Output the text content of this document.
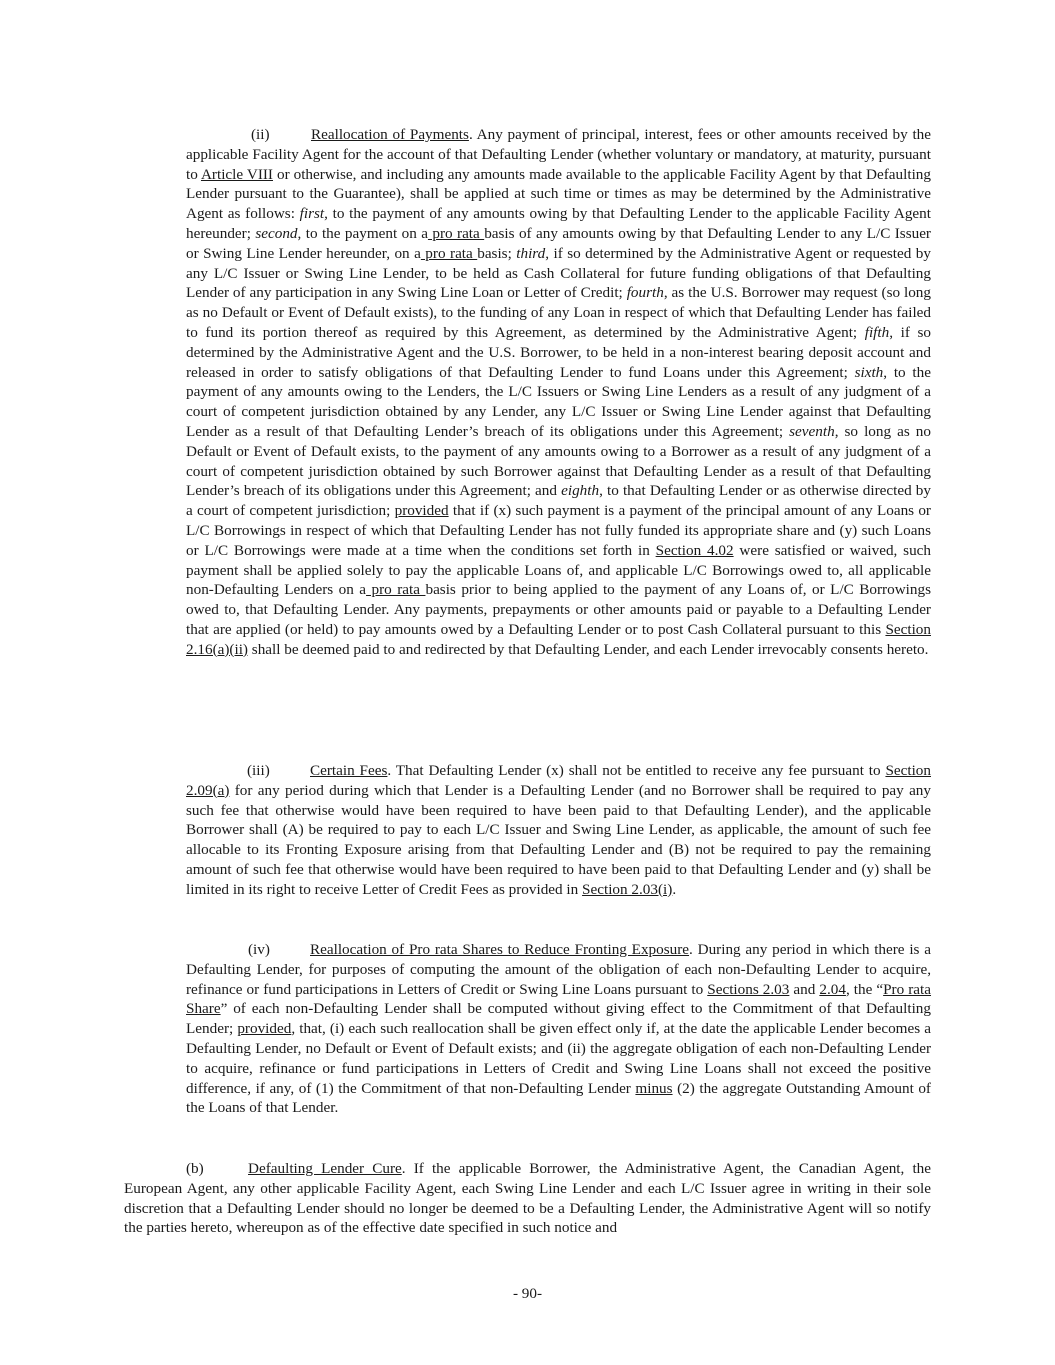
(ii)	Reallocation of Payments. Any payment of principal, interest, fees or other amounts received by the applicable Facility Agent for the account of that Defaulting Lender (whether voluntary or mandatory, at maturity, pursuant to Article VIII or otherwise, and including any amounts made available to the applicable Facility Agent by that Defaulting Lender pursuant to the Guarantee), shall be applied at such time or times as may be determined by the Administrative Agent as follows: first, to the payment of any amounts owing by that Defaulting Lender to the applicable Facility Agent hereunder; second, to the payment on a pro rata basis of any amounts owing by that Defaulting Lender to any L/C Issuer or Swing Line Lender hereunder, on a pro rata basis; third, if so determined by the Administrative Agent or requested by any L/C Issuer or Swing Line Lender, to be held as Cash Collateral for future funding obligations of that Defaulting Lender of any participation in any Swing Line Loan or Letter of Credit; fourth, as the U.S. Borrower may request (so long as no Default or Event of Default exists), to the funding of any Loan in respect of which that Defaulting Lender has failed to fund its portion thereof as required by this Agreement, as determined by the Administrative Agent; fifth, if so determined by the Administrative Agent and the U.S. Borrower, to be held in a non-interest bearing deposit account and released in order to satisfy obligations of that Defaulting Lender to fund Loans under this Agreement; sixth, to the payment of any amounts owing to the Lenders, the L/C Issuers or Swing Line Lenders as a result of any judgment of a court of competent jurisdiction obtained by any Lender, any L/C Issuer or Swing Line Lender against that Defaulting Lender as a result of that Defaulting Lender’s breach of its obligations under this Agreement; seventh, so long as no Default or Event of Default exists, to the payment of any amounts owing to a Borrower as a result of any judgment of a court of competent jurisdiction obtained by such Borrower against that Defaulting Lender as a result of that Defaulting Lender’s breach of its obligations under this Agreement; and eighth, to that Defaulting Lender or as otherwise directed by a court of competent jurisdiction; provided that if (x) such payment is a payment of the principal amount of any Loans or L/C Borrowings in respect of which that Defaulting Lender has not fully funded its appropriate share and (y) such Loans or L/C Borrowings were made at a time when the conditions set forth in Section 4.02 were satisfied or waived, such payment shall be applied solely to pay the applicable Loans of, and applicable L/C Borrowings owed to, all applicable non-Defaulting Lenders on a pro rata basis prior to being applied to the payment of any Loans of, or L/C Borrowings owed to, that Defaulting Lender. Any payments, prepayments or other amounts paid or payable to a Defaulting Lender that are applied (or held) to pay amounts owed by a Defaulting Lender or to post Cash Collateral pursuant to this Section 2.16(a)(ii) shall be deemed paid to and redirected by that Defaulting Lender, and each Lender irrevocably consents hereto.

(iii)	Certain Fees. That Defaulting Lender (x) shall not be entitled to receive any fee pursuant to Section 2.09(a) for any period during which that Lender is a Defaulting Lender (and no Borrower shall be required to pay any such fee that otherwise would have been required to have been paid to that Defaulting Lender), and the applicable Borrower shall (A) be required to pay to each L/C Issuer and Swing Line Lender, as applicable, the amount of such fee allocable to its Fronting Exposure arising from that Defaulting Lender and (B) not be required to pay the remaining amount of such fee that otherwise would have been required to have been paid to that Defaulting Lender and (y) shall be limited in its right to receive Letter of Credit Fees as provided in Section 2.03(i).

(iv)	Reallocation of Pro rata Shares to Reduce Fronting Exposure. During any period in which there is a Defaulting Lender, for purposes of computing the amount of the obligation of each non-Defaulting Lender to acquire, refinance or fund participations in Letters of Credit or Swing Line Loans pursuant to Sections 2.03 and 2.04, the “Pro rata Share” of each non-Defaulting Lender shall be computed without giving effect to the Commitment of that Defaulting Lender; provided, that, (i) each such reallocation shall be given effect only if, at the date the applicable Lender becomes a Defaulting Lender, no Default or Event of Default exists; and (ii) the aggregate obligation of each non-Defaulting Lender to acquire, refinance or fund participations in Letters of Credit and Swing Line Loans shall not exceed the positive difference, if any, of (1) the Commitment of that non-Defaulting Lender minus (2) the aggregate Outstanding Amount of the Loans of that Lender.

(b)	Defaulting Lender Cure. If the applicable Borrower, the Administrative Agent, the Canadian Agent, the European Agent, any other applicable Facility Agent, each Swing Line Lender and each L/C Issuer agree in writing in their sole discretion that a Defaulting Lender should no longer be deemed to be a Defaulting Lender, the Administrative Agent will so notify the parties hereto, whereupon as of the effective date specified in such notice and

- 90-
